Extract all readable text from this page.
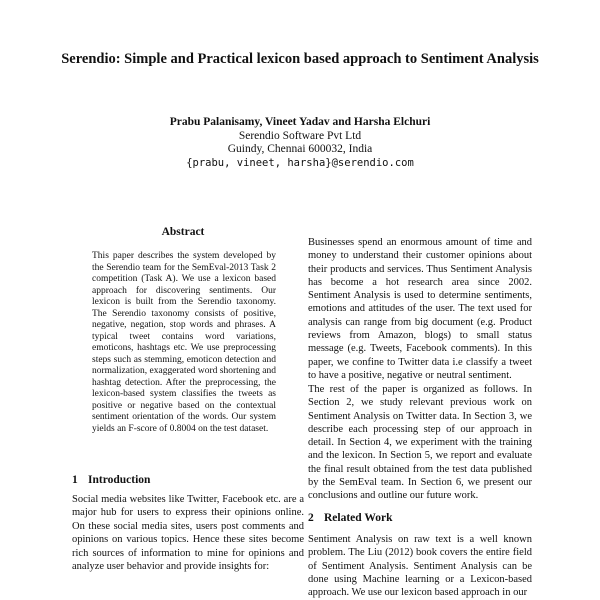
Serendio: Simple and Practical lexicon based approach to Sentiment Analysis
Prabu Palanisamy, Vineet Yadav and Harsha Elchuri
Serendio Software Pvt Ltd
Guindy, Chennai 600032, India
{prabu, vineet, harsha}@serendio.com
Abstract

This paper describes the system developed by the Serendio team for the SemEval-2013 Task 2 competition (Task A). We use a lexicon based approach for discovering sentiments. Our lexicon is built from the Serendio taxonomy. The Serendio taxonomy consists of positive, negative, negation, stop words and phrases. A typical tweet contains word variations, emoticons, hashtags etc. We use preprocessing steps such as stemming, emoticon detection and normalization, exaggerated word shortening and hashtag detection. After the preprocessing, the lexicon-based system classifies the tweets as positive or negative based on the contextual sentiment orientation of the words. Our system yields an F-score of 0.8004 on the test dataset.

1 Introduction

Social media websites like Twitter, Facebook etc. are a major hub for users to express their opinions online. On these social media sites, users post comments and opinions on various topics. Hence these sites become rich sources of information to mine for opinions and analyze user behavior and provide insights for:

Businesses spend an enormous amount of time and money to understand their customer opinions about their products and services. Thus Sentiment Analysis has become a hot research area since 2002. Sentiment Analysis is used to determine sentiments, emotions and attitudes of the user. The text used for analysis can range from big document (e.g. Product reviews from Amazon, blogs) to small status message (e.g. Tweets, Facebook comments). In this paper, we confine to Twitter data i.e classify a tweet to have a positive, negative or neutral sentiment.

The rest of the paper is organized as follows. In Section 2, we study relevant previous work on Sentiment Analysis on Twitter data. In Section 3, we describe each processing step of our approach in detail. In Section 4, we experiment with the training and the lexicon. In Section 5, we report and evaluate the final result obtained from the test data published by the SemEval team. In Section 6, we present our conclusions and outline our future work.

2 Related Work

Sentiment Analysis on raw text is a well known problem. The Liu (2012) book covers the entire field of Sentiment Analysis. Sentiment Analysis can be done using Machine learning or a Lexicon-based approach. We use our lexicon based approach in our
